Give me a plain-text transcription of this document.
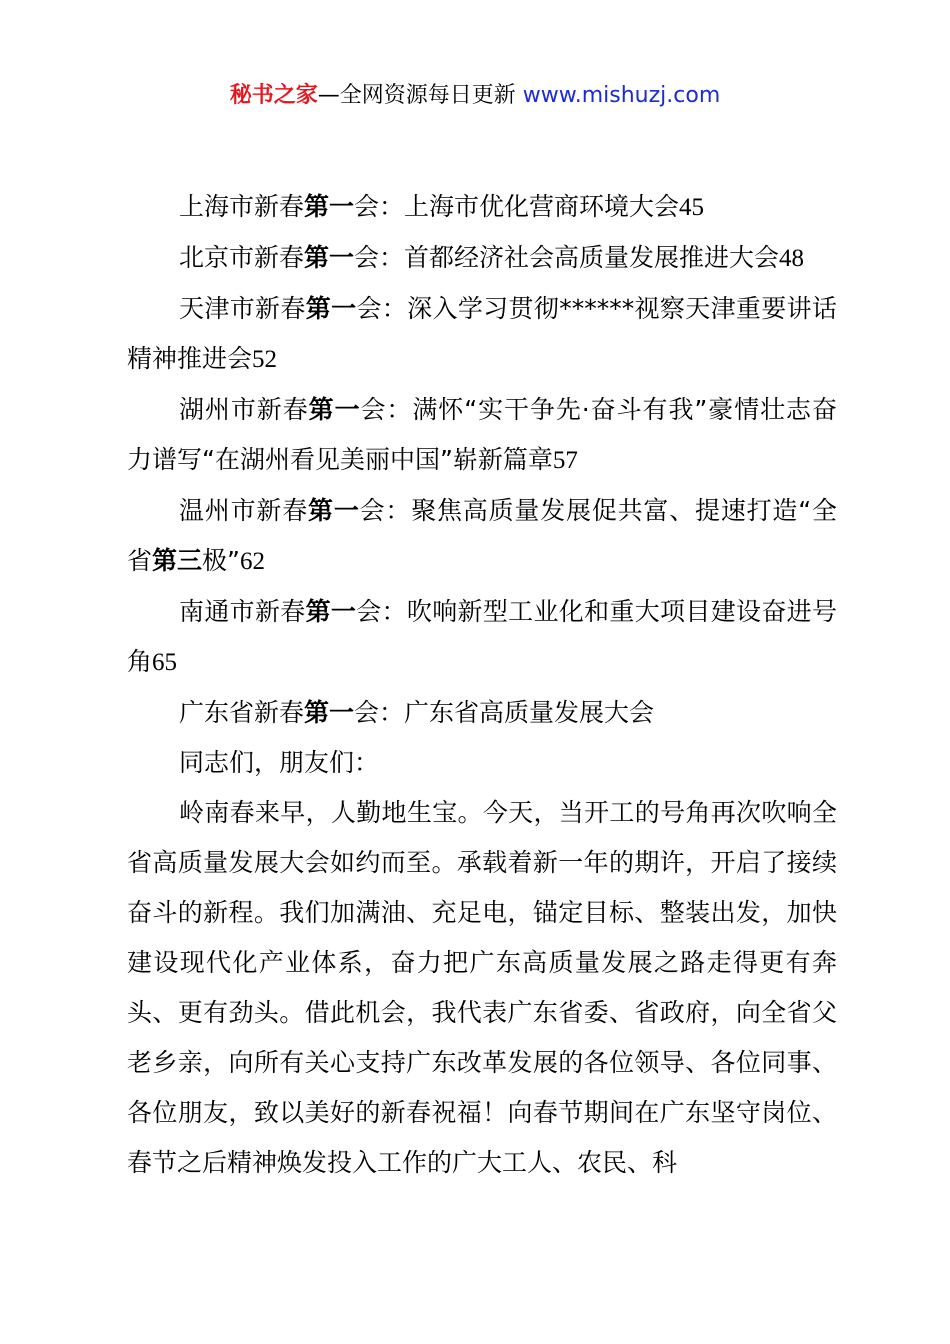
秘书之家—全网资源每日更新 www.mishuzj.com

上海市新春第一会：上海市优化营商环境大会45

北京市新春第一会：首都经济社会高质量发展推进大会48

天津市新春第一会：深入学习贯彻******视察天津重要讲话精神推进会52

湖州市新春第一会：满怀“实干争先·奋斗有我”豪情壮志奋力谱写“在湖州看见美丽中国”崭新篇章57

温州市新春第一会：聚焦高质量发展促共富、提速打造“全省第三极”62

南通市新春第一会：吹响新型工业化和重大项目建设奋进号角65

广东省新春第一会：广东省高质量发展大会

同志们，朋友们：

岭南春来早，人勤地生宝。今天，当开工的号角再次吹响全省高质量发展大会如约而至。承载着新一年的期许，开启了接续奋斗的新程。我们加满油、充足电，锚定目标、整装出发，加快建设现代化产业体系，奋力把广东高质量发展之路走得更有奔头、更有劲头。借此机会，我代表广东省委、省政府，向全省父老乡亲，向所有关心支持广东改革发展的各位领导、各位同事、各位朋友，致以美好的新春祝福！向春节期间在广东坚守岗位、春节之后精神焕发投入工作的广大工人、农民、科
